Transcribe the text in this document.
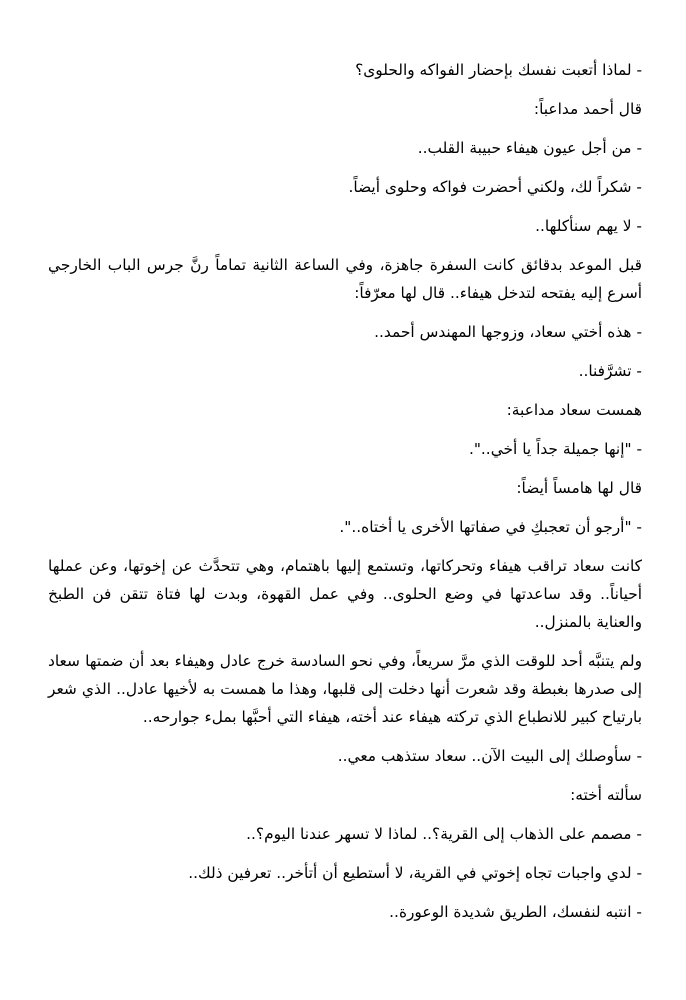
- لماذا أتعبت نفسك بإحضار الفواكه والحلوى؟

قال أحمد مداعباً:

- من أجل عيون هيفاء حبيبة القلب..

- شكراً لك، ولكني أحضرت فواكه وحلوى أيضاً.

- لا يهم سنأكلها..

قبل الموعد بدقائق كانت السفرة جاهزة، وفي الساعة الثانية تماماً رنَّ جرس الباب الخارجي أسرع إليه يفتحه لتدخل هيفاء.. قال لها معرّفاً:

- هذه أختي سعاد، وزوجها المهندس أحمد..

- تشرَّفنا..

همست سعاد مداعبة:

- "إنها جميلة جداً يا أخي..".

قال لها هامساً أيضاً:

- "أرجو أن تعجبكِ في صفاتها الأخرى يا أختاه..".

كانت سعاد تراقب هيفاء وتحركاتها، وتستمع إليها باهتمام، وهي تتحدَّث عن إخوتها، وعن عملها أحياناً.. وقد ساعدتها في وضع الحلوى.. وفي عمل القهوة، وبدت لها فتاة تتقن فن الطبخ والعناية بالمنزل..

ولم يتنبَّه أحد للوقت الذي مرَّ سريعاً، وفي نحو السادسة خرج عادل وهيفاء بعد أن ضمتها سعاد إلى صدرها بغبطة وقد شعرت أنها دخلت إلى قلبها، وهذا ما همست به لأخيها عادل.. الذي شعر بارتياح كبير للانطباع الذي تركته هيفاء عند أخته، هيفاء التي أحبَّها بملء جوارحه..

- سأوصلك إلى البيت الآن.. سعاد ستذهب معي..

سألته أخته:

- مصمم على الذهاب إلى القرية؟.. لماذا لا تسهر عندنا اليوم؟..

- لدي واجبات تجاه إخوتي في القرية، لا أستطيع أن أتأخر.. تعرفين ذلك..

- انتبه لنفسك، الطريق شديدة الوعورة..
